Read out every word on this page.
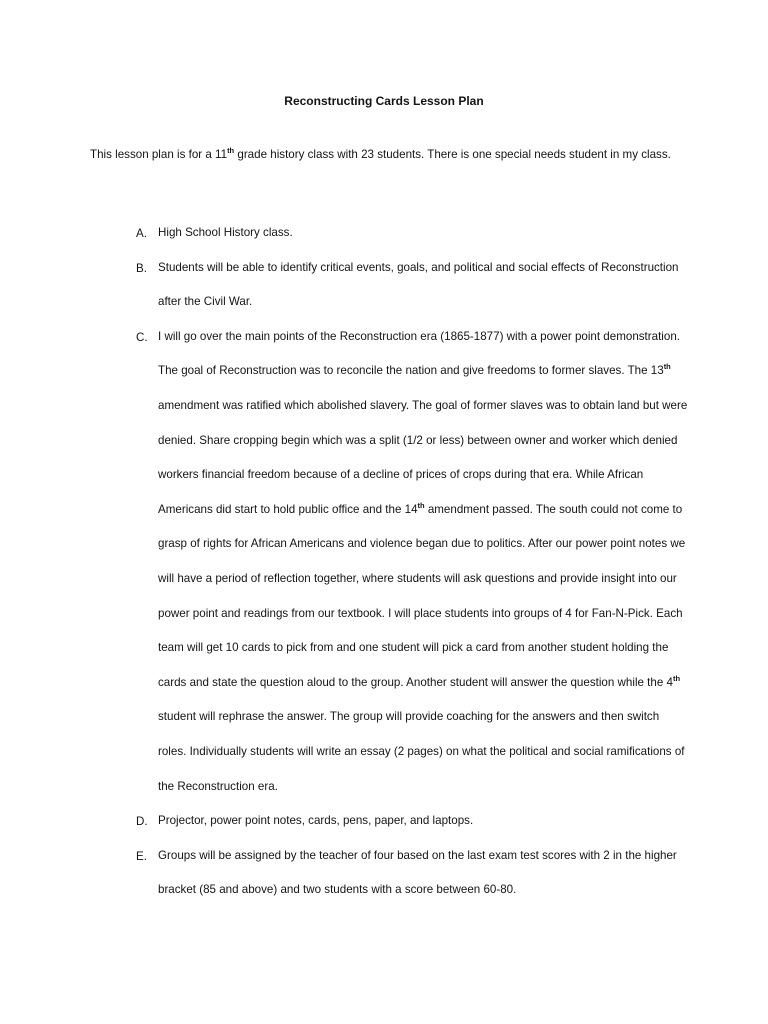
Reconstructing Cards Lesson Plan
This lesson plan is for a 11th grade history class with 23 students. There is one special needs student in my class.
A. High School History class.
B. Students will be able to identify critical events, goals, and political and social effects of Reconstruction after the Civil War.
C. I will go over the main points of the Reconstruction era (1865-1877) with a power point demonstration. The goal of Reconstruction was to reconcile the nation and give freedoms to former slaves. The 13th amendment was ratified which abolished slavery. The goal of former slaves was to obtain land but were denied. Share cropping begin which was a split (1/2 or less) between owner and worker which denied workers financial freedom because of a decline of prices of crops during that era. While African Americans did start to hold public office and the 14th amendment passed. The south could not come to grasp of rights for African Americans and violence began due to politics. After our power point notes we will have a period of reflection together, where students will ask questions and provide insight into our power point and readings from our textbook. I will place students into groups of 4 for Fan-N-Pick. Each team will get 10 cards to pick from and one student will pick a card from another student holding the cards and state the question aloud to the group. Another student will answer the question while the 4th student will rephrase the answer. The group will provide coaching for the answers and then switch roles. Individually students will write an essay (2 pages) on what the political and social ramifications of the Reconstruction era.
D. Projector, power point notes, cards, pens, paper, and laptops.
E. Groups will be assigned by the teacher of four based on the last exam test scores with 2 in the higher bracket (85 and above) and two students with a score between 60-80.
